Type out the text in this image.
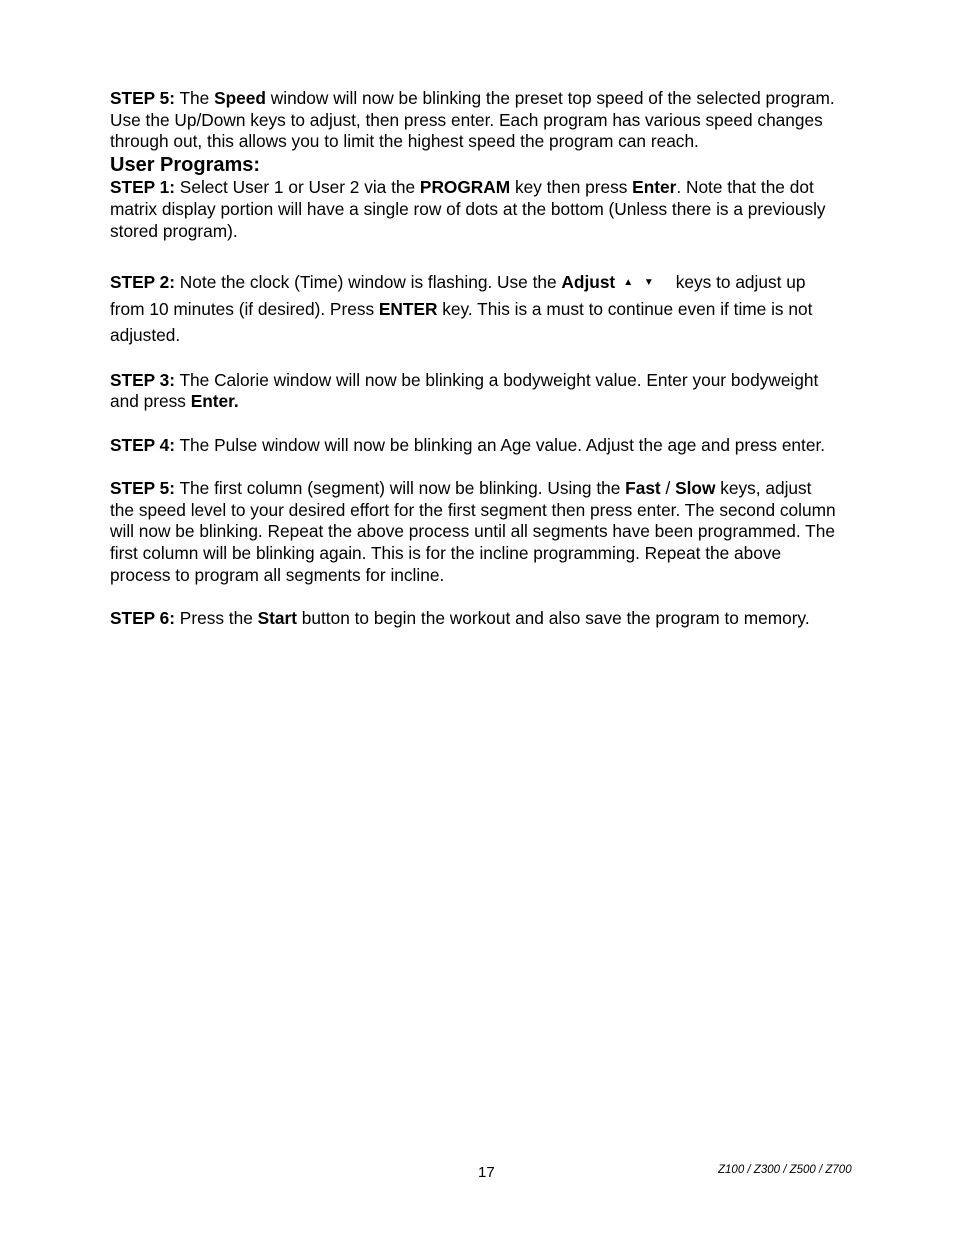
STEP 5: The Speed window will now be blinking the preset top speed of the selected program. Use the Up/Down keys to adjust, then press enter. Each program has various speed changes through out, this allows you to limit the highest speed the program can reach.

User Programs:

STEP 1: Select User 1 or User 2 via the PROGRAM key then press Enter. Note that the dot matrix display portion will have a single row of dots at the bottom (Unless there is a previously stored program).

STEP 2: Note the clock (Time) window is flashing. Use the Adjust ▲ ▼ keys to adjust up from 10 minutes (if desired). Press ENTER key. This is a must to continue even if time is not adjusted.

STEP 3: The Calorie window will now be blinking a bodyweight value. Enter your bodyweight and press Enter.

STEP 4: The Pulse window will now be blinking an Age value. Adjust the age and press enter.

STEP 5: The first column (segment) will now be blinking. Using the Fast / Slow keys, adjust the speed level to your desired effort for the first segment then press enter. The second column will now be blinking. Repeat the above process until all segments have been programmed. The first column will be blinking again. This is for the incline programming. Repeat the above process to program all segments for incline.

STEP 6: Press the Start button to begin the workout and also save the program to memory.

17	Z100 / Z300 / Z500 / Z700
